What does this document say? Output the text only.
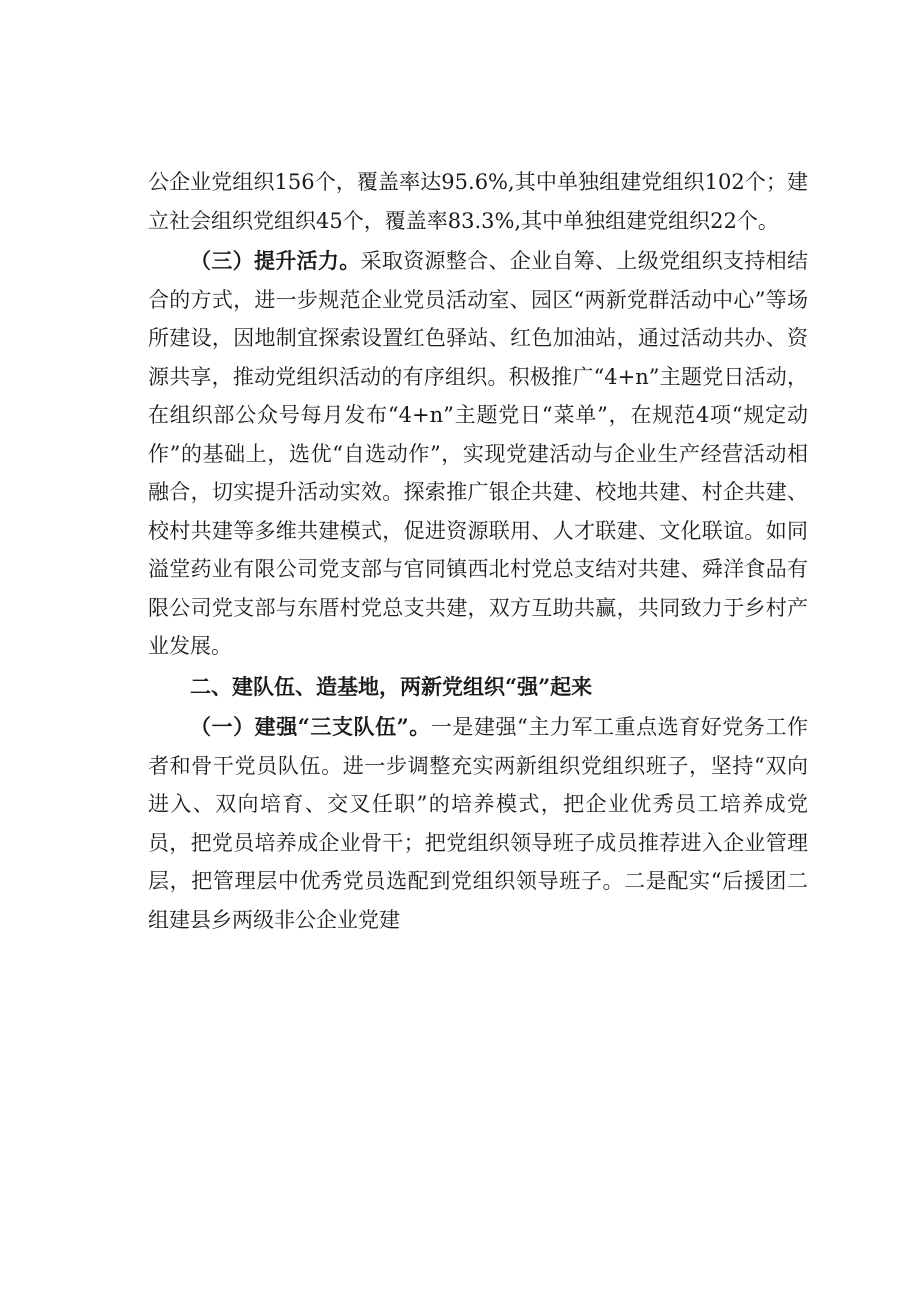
公企业党组织156个，覆盖率达95.6%,其中单独组建党组织102个；建立社会组织党组织45个，覆盖率83.3%,其中单独组建党组织22个。

（三）提升活力。采取资源整合、企业自筹、上级党组织支持相结合的方式，进一步规范企业党员活动室、园区“两新党群活动中心”等场所建设，因地制宜探索设置红色驿站、红色加油站，通过活动共办、资源共享，推动党组织活动的有序组织。积极推广“4+n”主题党日活动，在组织部公众号每月发布“4+n”主题党日“菜单”，在规范4项“规定动作”的基础上，选优“自选动作”，实现党建活动与企业生产经营活动相融合，切实提升活动实效。探索推广银企共建、校地共建、村企共建、校村共建等多维共建模式，促进资源联用、人才联建、文化联谊。如同溢堂药业有限公司党支部与官同镇西北村党总支结对共建、舜洋食品有限公司党支部与东厝村党总支共建，双方互助共赢，共同致力于乡村产业发展。

二、建队伍、造基地，两新党组织“强”起来

（一）建强“三支队伍”。一是建强“主力军工重点选育好党务工作者和骨干党员队伍。进一步调整充实两新组织党组织班子，坚持“双向进入、双向培育、交叉任职”的培养模式，把企业优秀员工培养成党员，把党员培养成企业骨干；把党组织领导班子成员推荐进入企业管理层，把管理层中优秀党员选配到党组织领导班子。二是配实“后援团二组建县乡两级非公企业党建
